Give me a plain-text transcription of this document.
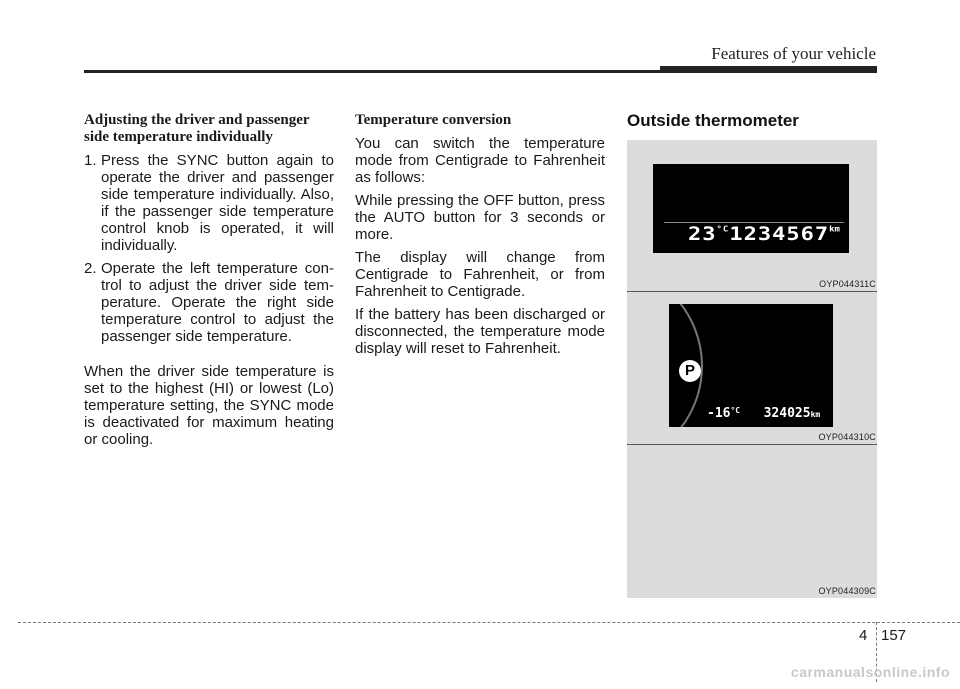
Features of your vehicle
Adjusting the driver and passenger side temperature individually
1. Press the SYNC button again to operate the driver and passenger side temperature individually. Also, if the passenger side temperature control knob is operated, it will individually.
2. Operate the left temperature con- trol to adjust the driver side tem- perature. Operate the right side temperature control to adjust the passenger side temperature.

When the driver side temperature is set to the highest (HI) or lowest (Lo) temperature setting, the SYNC mode is deactivated for maximum heating or cooling.

Temperature conversion

You can switch the temperature mode from Centigrade to Fahrenheit as follows:

While pressing the OFF button, press the AUTO button for 3 seconds or more.

The display will change from Centigrade to Fahrenheit, or from Fahrenheit to Centigrade.

If the battery has been discharged or disconnected, the temperature mode display will reset to Fahrenheit.

Outside thermometer
$23^{^\circ C}1234567^{km}$
OYP044311C
P
$-16^{^\circ C}$ 324025km
OYP044310C
OYP044309C
4 157
carmanualsonline.info
